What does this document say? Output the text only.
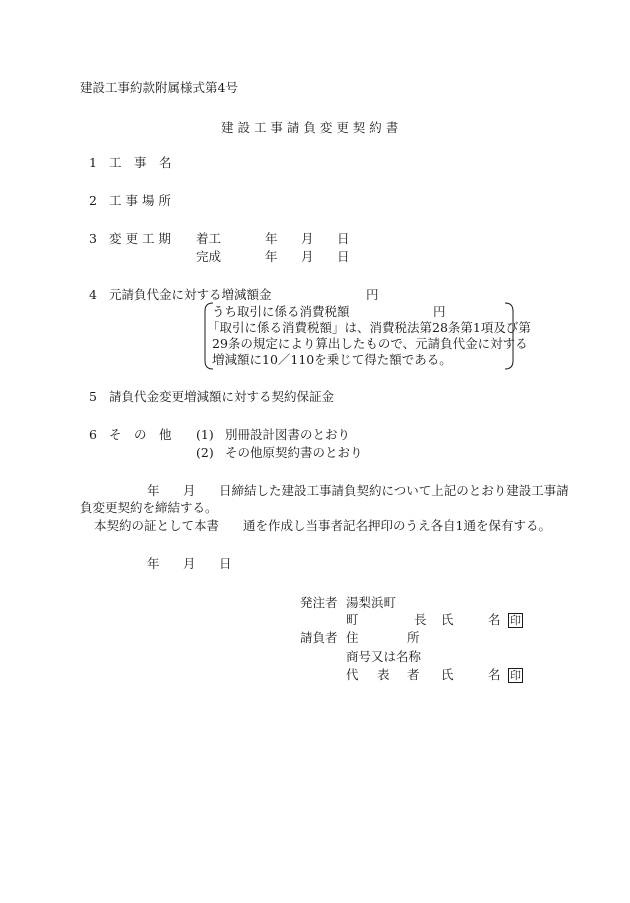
建設工事約款附属様式第4号
建 設 工 事 請 負 変 更 契 約 書
1 工　事　名
2 工 事 場 所
3 変 更 工 期 着工	年 月 日
完成	年 月 日
4 元請負代金に対する増減額 金	円
うち取引に係る消費税額	円
「取引に係る消費税額」は、消費税法第28条第1項及び第
29条の規定により算出したもので、元請負代金に対する
増減額に10／110を乗じて得た額である。
5 請負代金変更増減額に対する契約保証金
6 そ　の　他 (1) 別冊設計図書のとおり
(2) その他原契約書のとおり
年 月 日締結した建設工事請負契約について上記のとおり建設工事請
負変更契約を締結する。
本契約の証として本書 通を作成し当事者記名押印のうえ各自1通を保有する。
年 月 日
発注者 湯梨浜町
町	長 氏	名 印
請負者 住	所
商号又は名称
代 表 者 氏	名 印
